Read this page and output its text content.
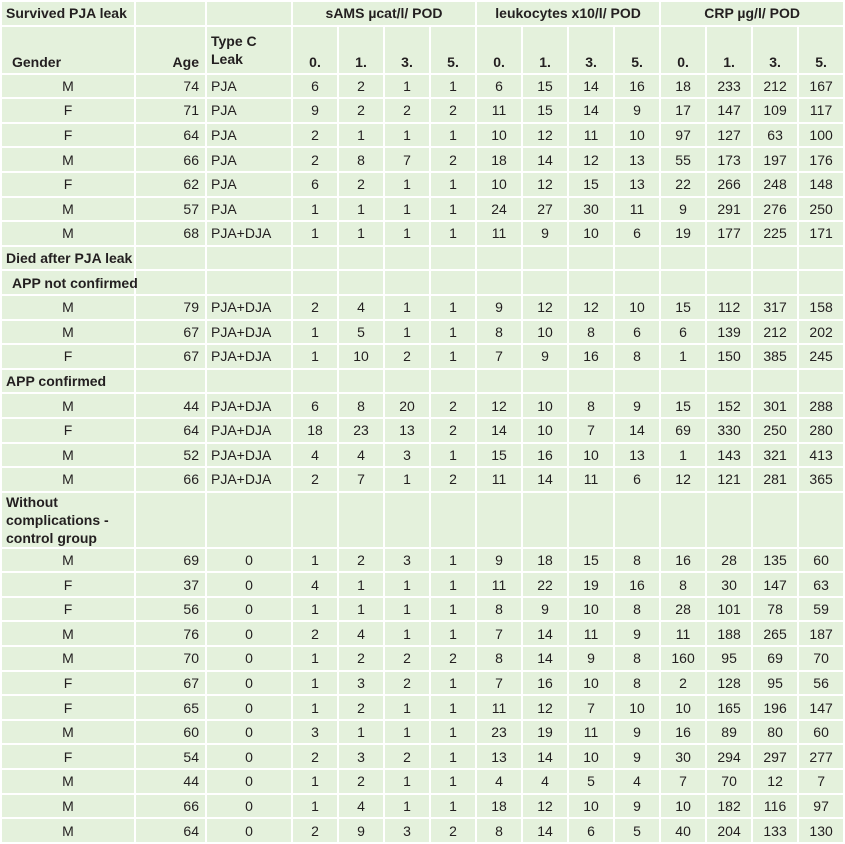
Survived PJA leak			sAMS µcat/l/ POD				leukocytes x10/l/ POD				CRP µg/l/ POD			
Gender	Age	Type C Leak	0.	1.	3.	5.	0.	1.	3.	5.	0.	1.	3.	5.
M	74	PJA	6	2	1	1	6	15	14	16	18	233	212	167
F	71	PJA	9	2	2	2	11	15	14	9	17	147	109	117
F	64	PJA	2	1	1	1	10	12	11	10	97	127	63	100
M	66	PJA	2	8	7	2	18	14	12	13	55	173	197	176
F	62	PJA	6	2	1	1	10	12	15	13	22	266	248	148
M	57	PJA	1	1	1	1	24	27	30	11	9	291	276	250
M	68	PJA+DJA	1	1	1	1	11	9	10	6	19	177	225	171
Died after PJA leak														
APP not confirmed														
M	79	PJA+DJA	2	4	1	1	9	12	12	10	15	112	317	158
M	67	PJA+DJA	1	5	1	1	8	10	8	6	6	139	212	202
F	67	PJA+DJA	1	10	2	1	7	9	16	8	1	150	385	245
APP confirmed														
M	44	PJA+DJA	6	8	20	2	12	10	8	9	15	152	301	288
F	64	PJA+DJA	18	23	13	2	14	10	7	14	69	330	250	280
M	52	PJA+DJA	4	4	3	1	15	16	10	13	1	143	321	413
M	66	PJA+DJA	2	7	1	2	11	14	11	6	12	121	281	365
Without complications - control group														
M	69	0	1	2	3	1	9	18	15	8	16	28	135	60
F	37	0	4	1	1	1	11	22	19	16	8	30	147	63
F	56	0	1	1	1	1	8	9	10	8	28	101	78	59
M	76	0	2	4	1	1	7	14	11	9	11	188	265	187
M	70	0	1	2	2	2	8	14	9	8	160	95	69	70
F	67	0	1	3	2	1	7	16	10	8	2	128	95	56
F	65	0	1	2	1	1	11	12	7	10	10	165	196	147
M	60	0	3	1	1	1	23	19	11	9	16	89	80	60
F	54	0	2	3	2	1	13	14	10	9	30	294	297	277
M	44	0	1	2	1	1	4	4	5	4	7	70	12	7
M	66	0	1	4	1	1	18	12	10	9	10	182	116	97
M	64	0	2	9	3	2	8	14	6	5	40	204	133	130
